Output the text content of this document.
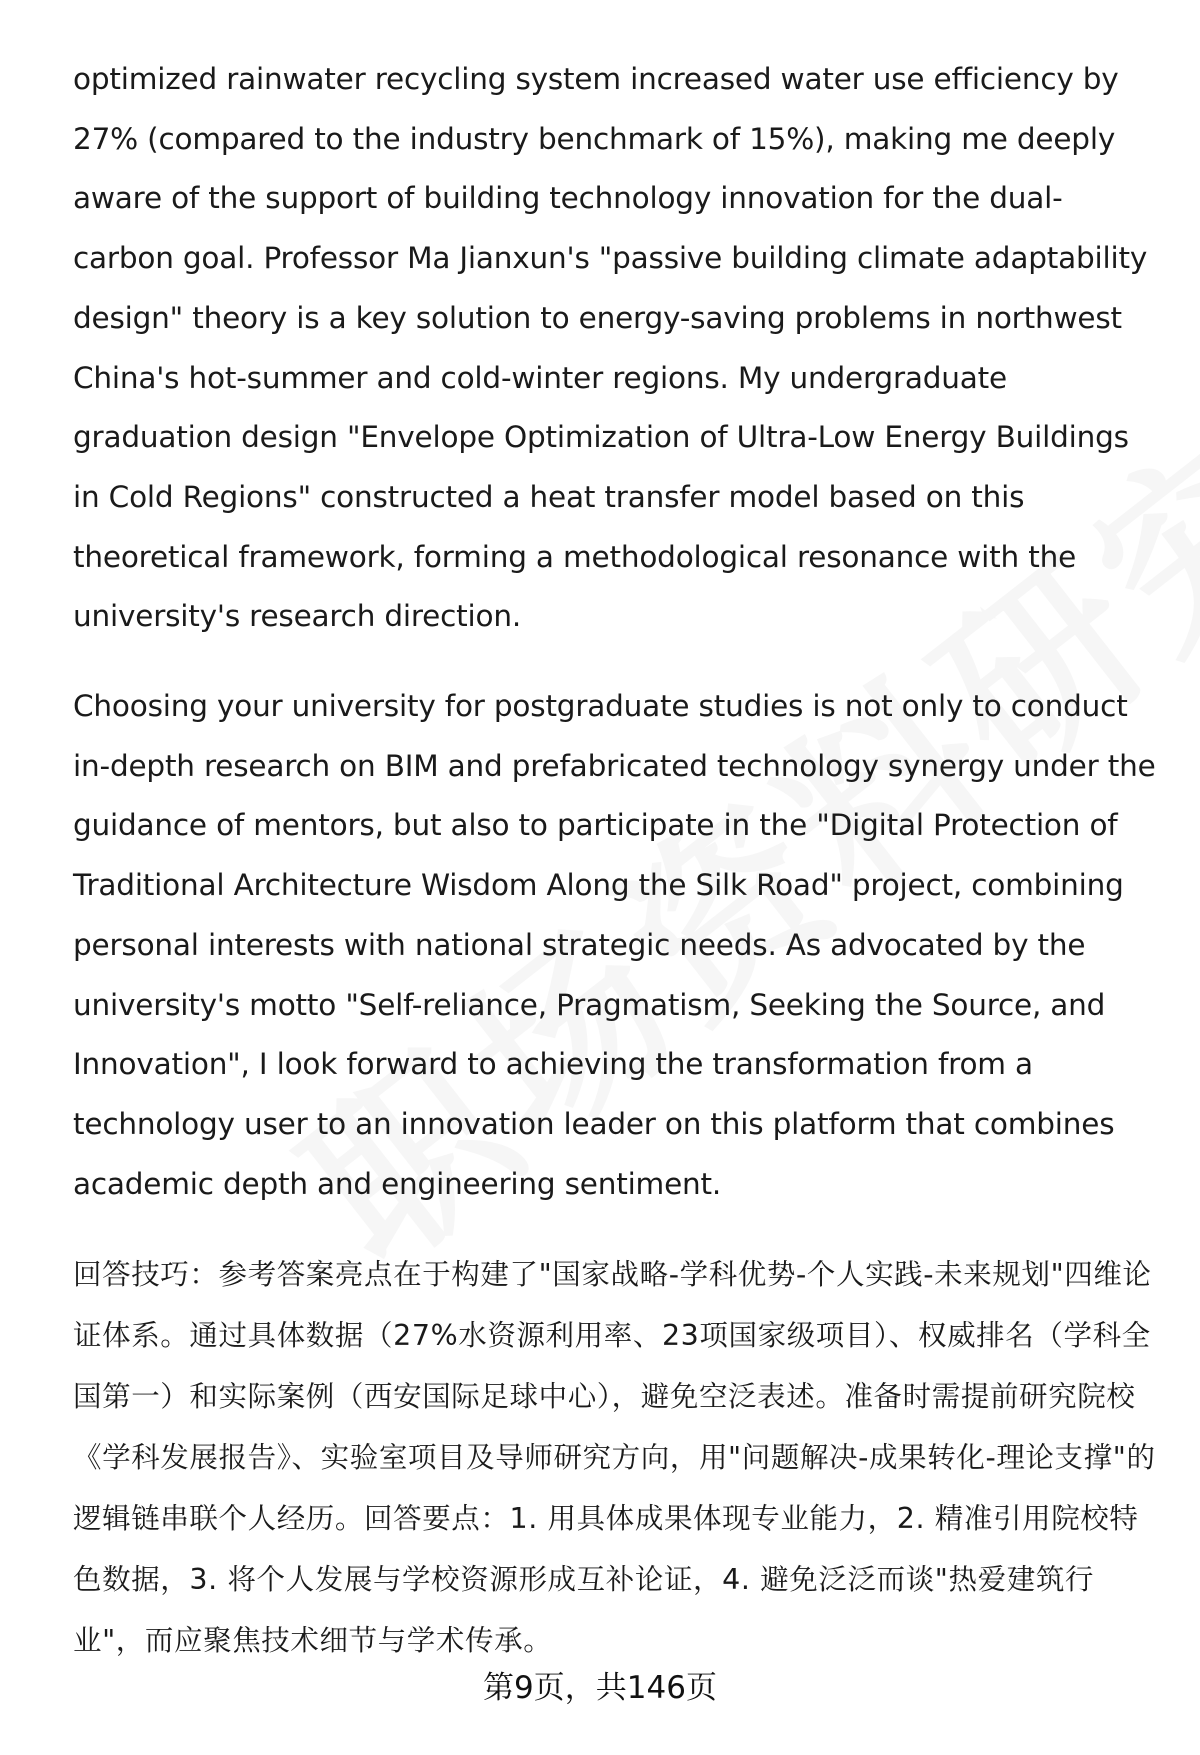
optimized rainwater recycling system increased water use efficiency by 27% (compared to the industry benchmark of 15%), making me deeply aware of the support of building technology innovation for the dual-carbon goal. Professor Ma Jianxun's "passive building climate adaptability design" theory is a key solution to energy-saving problems in northwest China's hot-summer and cold-winter regions. My undergraduate graduation design "Envelope Optimization of Ultra-Low Energy Buildings in Cold Regions" constructed a heat transfer model based on this theoretical framework, forming a methodological resonance with the university's research direction.

Choosing your university for postgraduate studies is not only to conduct in-depth research on BIM and prefabricated technology synergy under the guidance of mentors, but also to participate in the "Digital Protection of Traditional Architecture Wisdom Along the Silk Road" project, combining personal interests with national strategic needs. As advocated by the university's motto "Self-reliance, Pragmatism, Seeking the Source, and Innovation", I look forward to achieving the transformation from a technology user to an innovation leader on this platform that combines academic depth and engineering sentiment.

回答技巧：参考答案亮点在于构建了"国家战略-学科优势-个人实践-未来规划"四维论证体系。通过具体数据（27%水资源利用率、23项国家级项目）、权威排名（学科全国第一）和实际案例（西安国际足球中心），避免空泛表述。准备时需提前研究院校《学科发展报告》、实验室项目及导师研究方向，用"问题解决-成果转化-理论支撑"的逻辑链串联个人经历。回答要点：1. 用具体成果体现专业能力，2. 精准引用院校特色数据，3. 将个人发展与学校资源形成互补论证，4. 避免泛泛而谈"热爱建筑行业"，而应聚焦技术细节与学术传承。

第9页，共146页
